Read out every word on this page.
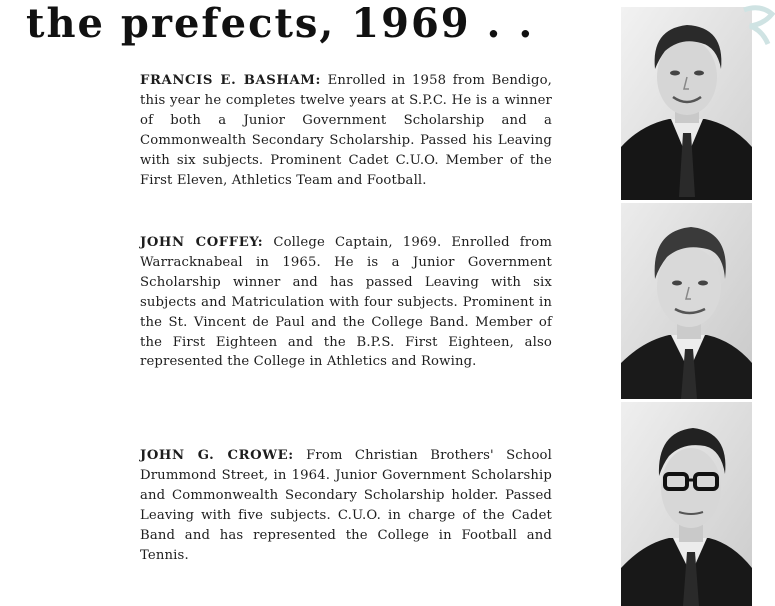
the prefects, 1969 . .
FRANCIS E. BASHAM: Enrolled in 1958 from Bendigo, this year he completes twelve years at S.P.C. He is a winner of both a Junior Government Scholarship and a Commonwealth Secondary Scholarship. Passed his Leaving with six subjects. Prominent Cadet C.U.O. Member of the First Eleven, Athletics Team and Football.
JOHN COFFEY: College Captain, 1969. Enrolled from Warracknabeal in 1965. He is a Junior Government Scholarship winner and has passed Leaving with six subjects and Matriculation with four subjects. Prominent in the St. Vincent de Paul and the College Band. Member of the First Eighteen and the B.P.S. First Eighteen, also represented the College in Athletics and Rowing.
JOHN G. CROWE: From Christian Brothers' School Drummond Street, in 1964. Junior Government Scholarship and Commonwealth Secondary Scholarship holder. Passed Leaving with five subjects. C.U.O. in charge of the Cadet Band and has represented the College in Football and Tennis.
